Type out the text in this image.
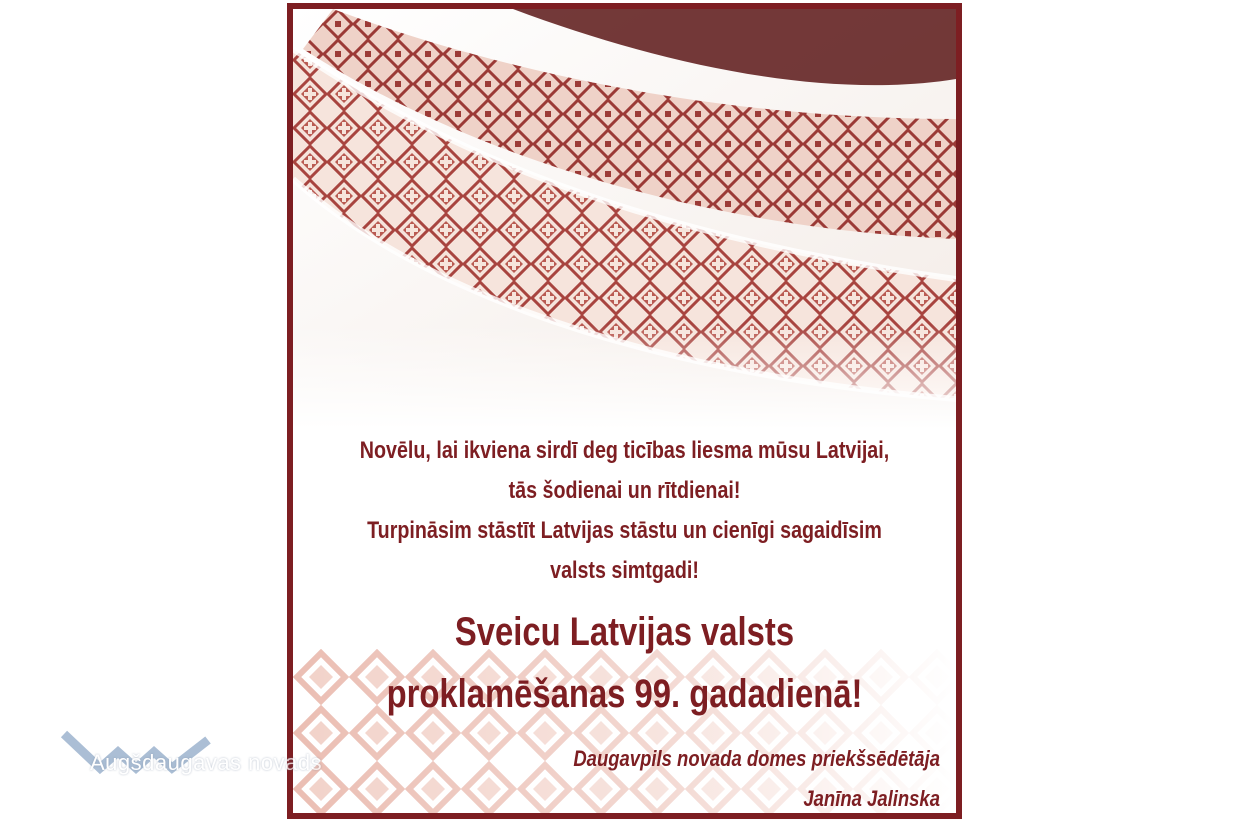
Novēlu, lai ikviena sirdī deg ticības liesma mūsu Latvijai,
tās šodienai un rītdienai!
Turpināsim stāstīt Latvijas stāstu un cienīgi sagaidīsim
valsts simtgadi!
Sveicu Latvijas valsts
proklamēšanas 99. gadadienā!
Daugavpils novada domes priekšsēdētāja
Janīna Jalinska
Augšdaugavas novads
